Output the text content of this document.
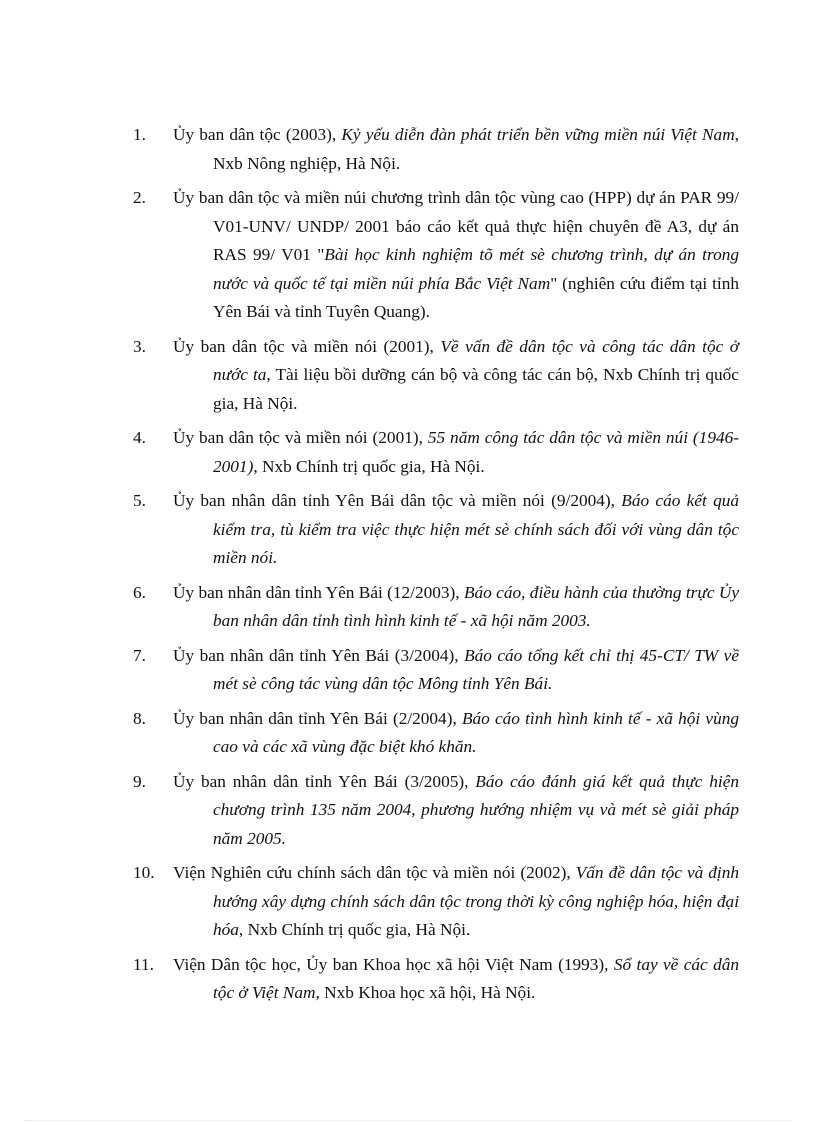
1.	Ủy ban dân tộc (2003), Kỷ yếu diễn đàn phát triển bền vững miền núi Việt Nam, Nxb Nông nghiệp, Hà Nội.
2.	Ủy ban dân tộc và miền núi chương trình dân tộc vùng cao (HPP) dự án PAR 99/ V01-UNV/ UNDP/ 2001 báo cáo kết quả thực hiện chuyên đề A3, dự án RAS 99/ V01 "Bài học kinh nghiệm tõ mét sè chương trình, dự án trong nước và quốc tế tại miền núi phía Bắc Việt Nam" (nghiên cứu điểm tại tỉnh Yên Bái và tỉnh Tuyên Quang).
3.	Ủy ban dân tộc và miền nói (2001), Về vấn đề dân tộc và công tác dân tộc ở nước ta, Tài liệu bồi dưỡng cán bộ và công tác cán bộ, Nxb Chính trị quốc gia, Hà Nội.
4.	Ủy ban dân tộc và miền nói (2001), 55 năm công tác dân tộc và miền núi (1946-2001), Nxb Chính trị quốc gia, Hà Nội.
5.	Ủy ban nhân dân tỉnh Yên Bái dân tộc và miền nói (9/2004), Báo cáo kết quả kiểm tra, tù kiểm tra việc thực hiện mét sè chính sách đối với vùng dân tộc miền nói.
6.	Ủy ban nhân dân tỉnh Yên Bái (12/2003), Báo cáo, điều hành của thường trực Ủy ban nhân dân tỉnh tình hình kinh tế - xã hội năm 2003.
7.	Ủy ban nhân dân tỉnh Yên Bái (3/2004), Báo cáo tổng kết chỉ thị 45-CT/ TW về mét sè công tác vùng dân tộc Mông tỉnh Yên Bái.
8.	Ủy ban nhân dân tỉnh Yên Bái (2/2004), Báo cáo tình hình kinh tế - xã hội vùng cao và các xã vùng đặc biệt khó khăn.
9.	Ủy ban nhân dân tỉnh Yên Bái (3/2005), Báo cáo đánh giá kết quả thực hiện chương trình 135 năm 2004, phương hướng nhiệm vụ và mét sè giải pháp năm 2005.
10.	Viện Nghiên cứu chính sách dân tộc và miền nói (2002), Vấn đề dân tộc và định hướng xây dựng chính sách dân tộc trong thời kỳ công nghiệp hóa, hiện đại hóa, Nxb Chính trị quốc gia, Hà Nội.
11.	Viện Dân tộc học, Ủy ban Khoa học xã hội Việt Nam (1993), Sổ tay về các dân tộc ở Việt Nam, Nxb Khoa học xã hội, Hà Nội.
